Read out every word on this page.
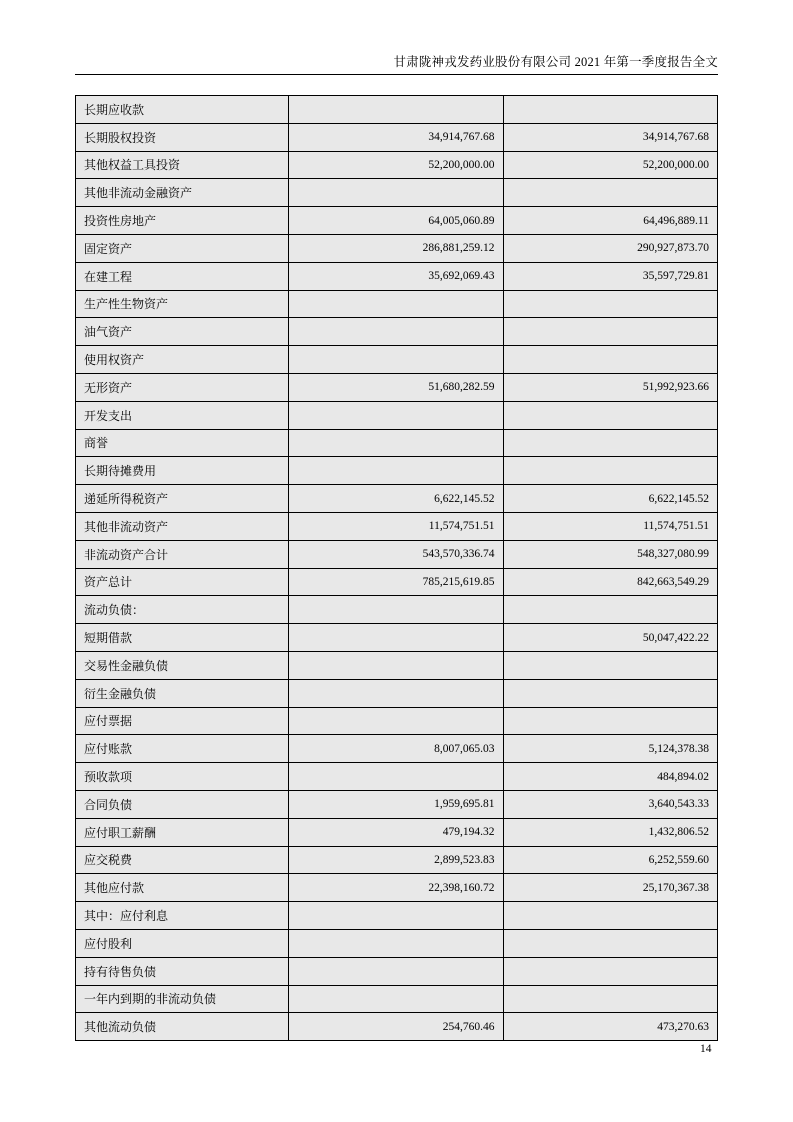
甘肃陇神戎发药业股份有限公司 2021 年第一季度报告全文
长期应收款		
长期股权投资	34,914,767.68	34,914,767.68
其他权益工具投资	52,200,000.00	52,200,000.00
其他非流动金融资产		
投资性房地产	64,005,060.89	64,496,889.11
固定资产	286,881,259.12	290,927,873.70
在建工程	35,692,069.43	35,597,729.81
生产性生物资产		
油气资产		
使用权资产		
无形资产	51,680,282.59	51,992,923.66
开发支出		
商誉		
长期待摊费用		
递延所得税资产	6,622,145.52	6,622,145.52
其他非流动资产	11,574,751.51	11,574,751.51
非流动资产合计	543,570,336.74	548,327,080.99
资产总计	785,215,619.85	842,663,549.29
流动负债：		
短期借款		50,047,422.22
交易性金融负债		
衍生金融负债		
应付票据		
应付账款	8,007,065.03	5,124,378.38
预收款项		484,894.02
合同负债	1,959,695.81	3,640,543.33
应付职工薪酬	479,194.32	1,432,806.52
应交税费	2,899,523.83	6,252,559.60
其他应付款	22,398,160.72	25,170,367.38
其中：应付利息		
应付股利		
持有待售负债		
一年内到期的非流动负债		
其他流动负债	254,760.46	473,270.63
14
